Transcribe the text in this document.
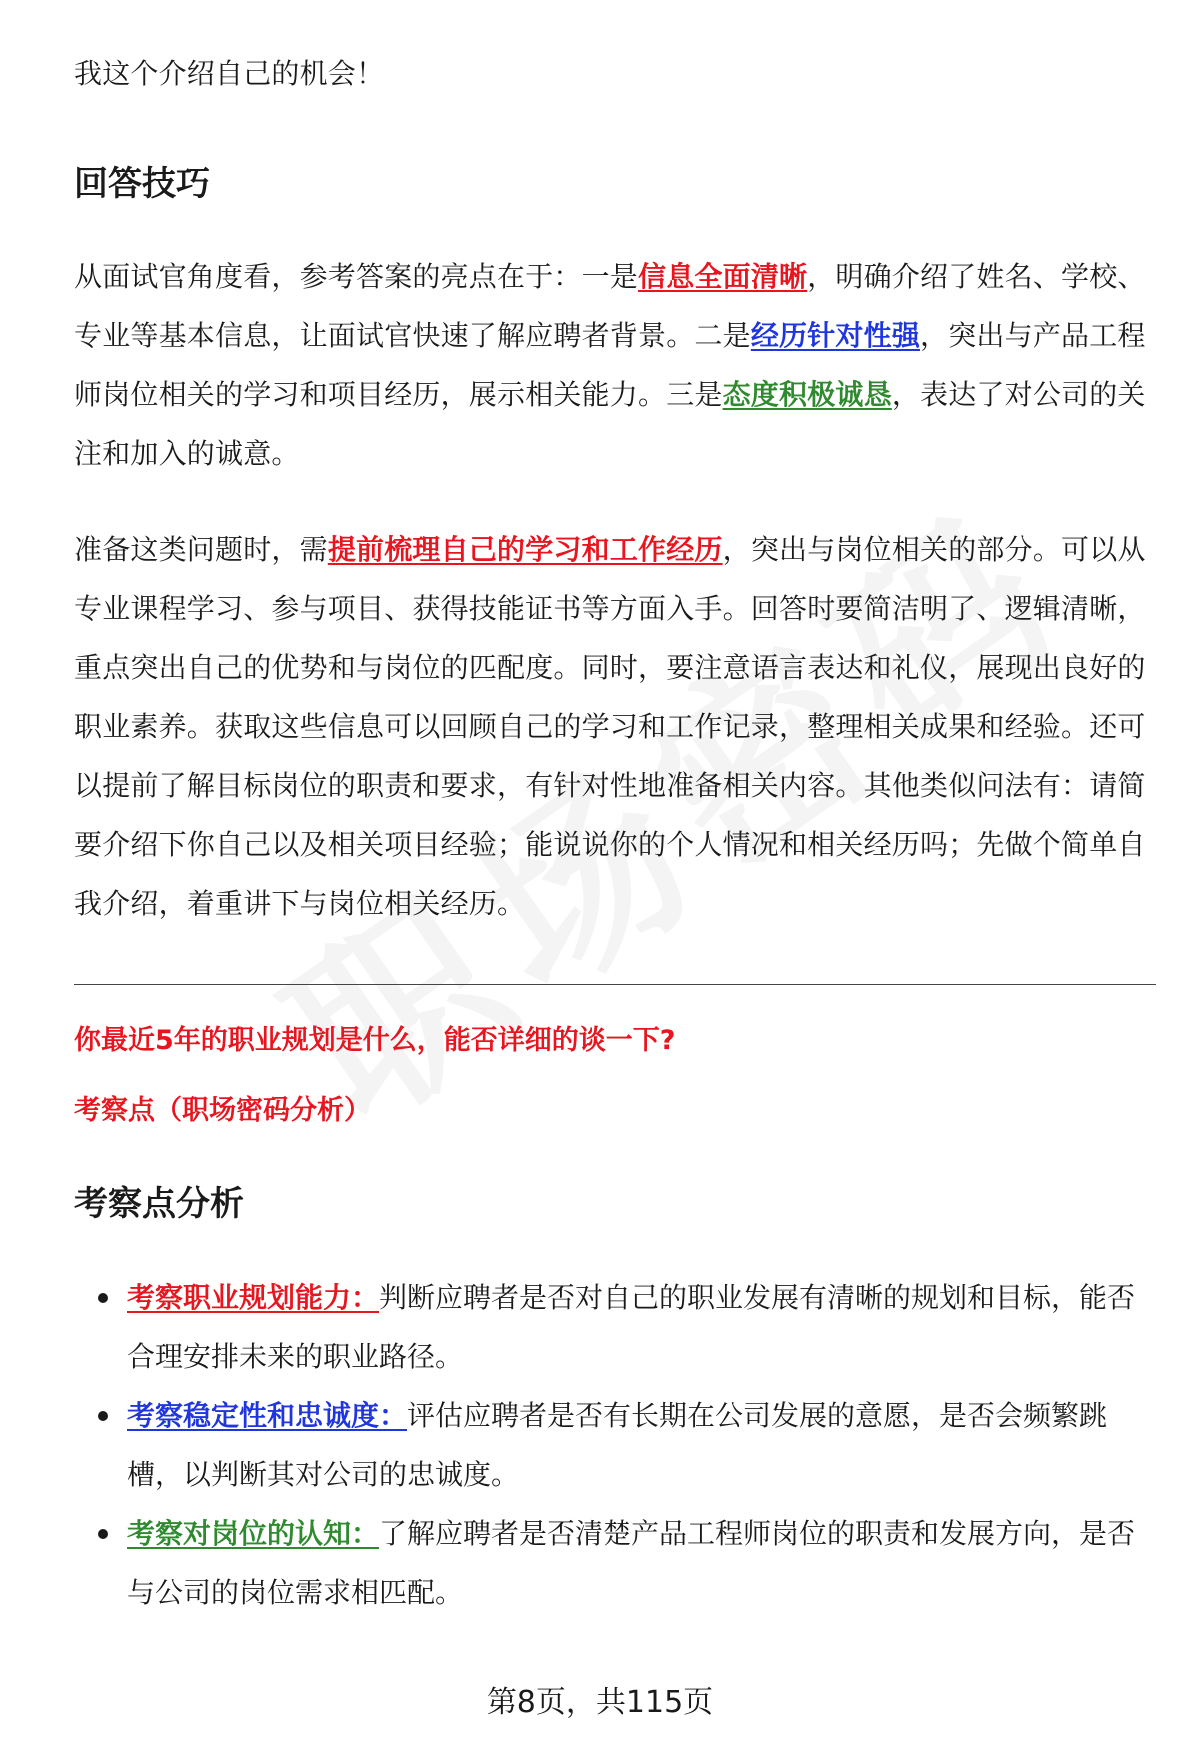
我这个介绍自己的机会！

回答技巧

从面试官角度看，参考答案的亮点在于：一是信息全面清晰，明确介绍了姓名、学校、专业等基本信息，让面试官快速了解应聘者背景。二是经历针对性强，突出与产品工程师岗位相关的学习和项目经历，展示相关能力。三是态度积极诚恳，表达了对公司的关注和加入的诚意。

准备这类问题时，需提前梳理自己的学习和工作经历，突出与岗位相关的部分。可以从专业课程学习、参与项目、获得技能证书等方面入手。回答时要简洁明了、逻辑清晰，重点突出自己的优势和与岗位的匹配度。同时，要注意语言表达和礼仪，展现出良好的职业素养。获取这些信息可以回顾自己的学习和工作记录，整理相关成果和经验。还可以提前了解目标岗位的职责和要求，有针对性地准备相关内容。其他类似问法有：请简要介绍下你自己以及相关项目经验；能说说你的个人情况和相关经历吗；先做个简单自我介绍，着重讲下与岗位相关经历。

你最近5年的职业规划是什么，能否详细的谈一下?

考察点（职场密码分析）

考察点分析
考察职业规划能力：判断应聘者是否对自己的职业发展有清晰的规划和目标，能否合理安排未来的职业路径。
考察稳定性和忠诚度：评估应聘者是否有长期在公司发展的意愿，是否会频繁跳槽，以判断其对公司的忠诚度。
考察对岗位的认知：了解应聘者是否清楚产品工程师岗位的职责和发展方向，是否与公司的岗位需求相匹配。
第8页，共115页
